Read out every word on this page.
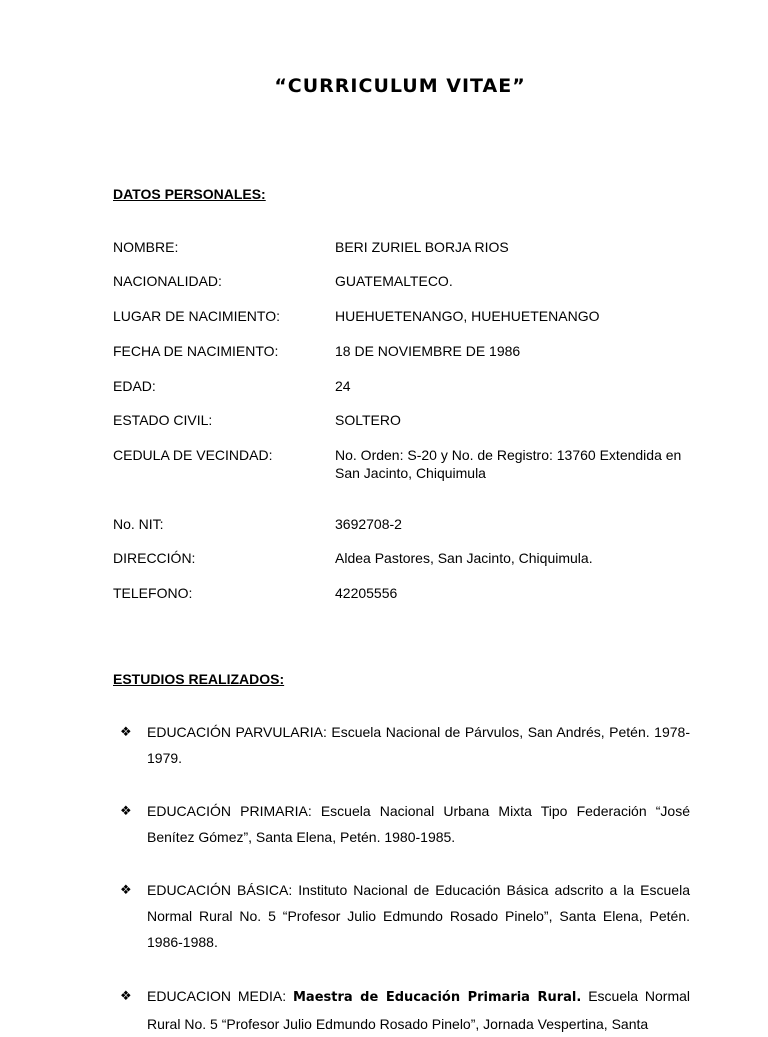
“CURRICULUM VITAE”
DATOS PERSONALES:
NOMBRE:	BERI ZURIEL BORJA RIOS
NACIONALIDAD:	GUATEMALTECO.
LUGAR DE NACIMIENTO:	HUEHUETENANGO, HUEHUETENANGO
FECHA DE NACIMIENTO:	18 DE NOVIEMBRE DE 1986
EDAD:	24
ESTADO CIVIL:	SOLTERO
CEDULA DE VECINDAD:	No. Orden: S-20 y No. de Registro: 13760 Extendida en San Jacinto, Chiquimula
No. NIT:	3692708-2
DIRECCIÓN:	Aldea Pastores, San Jacinto, Chiquimula.
TELEFONO:	42205556
ESTUDIOS REALIZADOS:
❖ EDUCACIÓN PARVULARIA: Escuela Nacional de Párvulos, San Andrés, Petén. 1978-1979.
❖ EDUCACIÓN PRIMARIA: Escuela Nacional Urbana Mixta Tipo Federación “José Benítez Gómez”, Santa Elena, Petén. 1980-1985.
❖ EDUCACIÓN BÁSICA: Instituto Nacional de Educación Básica adscrito a la Escuela Normal Rural No. 5 “Profesor Julio Edmundo Rosado Pinelo”, Santa Elena, Petén. 1986-1988.
❖ EDUCACION MEDIA: Maestra de Educación Primaria Rural. Escuela Normal Rural No. 5 “Profesor Julio Edmundo Rosado Pinelo”, Jornada Vespertina, Santa
